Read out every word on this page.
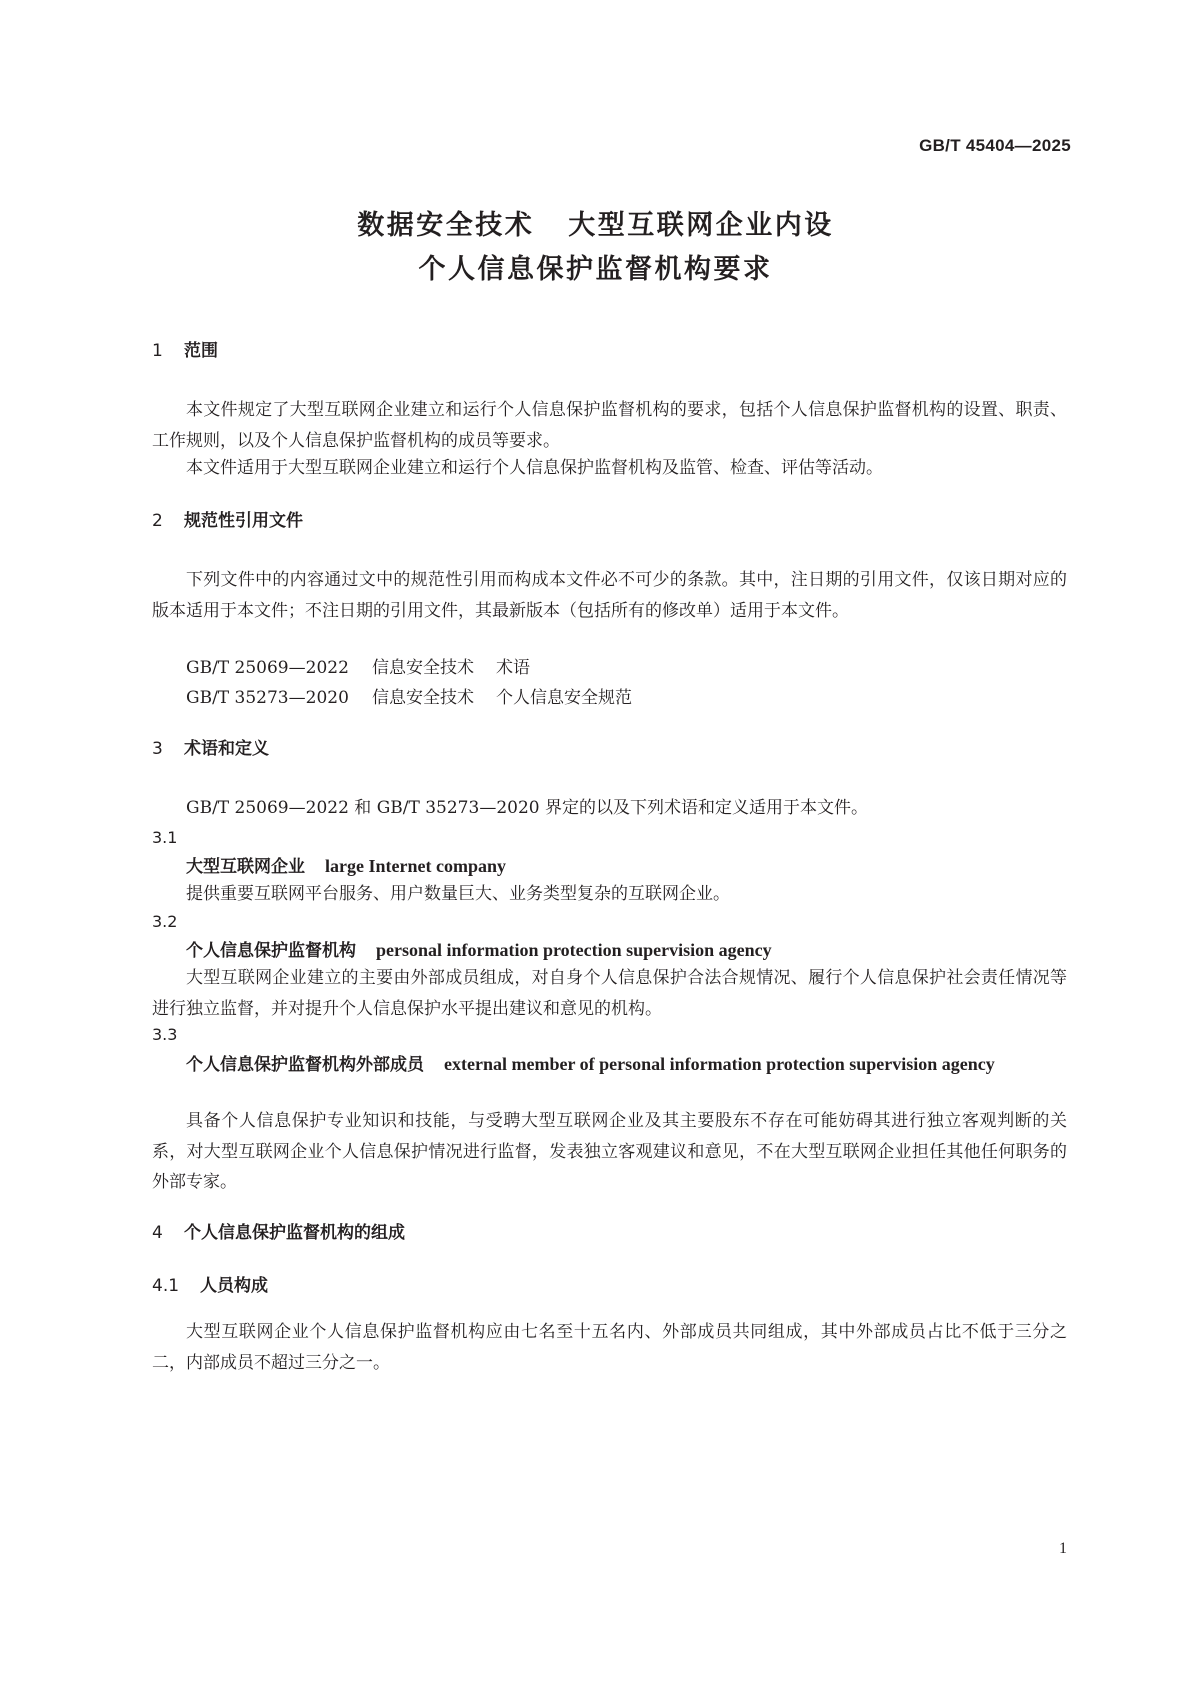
GB/T 45404—2025
数据安全技术 大型互联网企业内设
个人信息保护监督机构要求
1 范围
本文件规定了大型互联网企业建立和运行个人信息保护监督机构的要求，包括个人信息保护监督机构的设置、职责、工作规则，以及个人信息保护监督机构的成员等要求。
本文件适用于大型互联网企业建立和运行个人信息保护监督机构及监管、检查、评估等活动。
2 规范性引用文件
下列文件中的内容通过文中的规范性引用而构成本文件必不可少的条款。其中，注日期的引用文件，仅该日期对应的版本适用于本文件；不注日期的引用文件，其最新版本（包括所有的修改单）适用于本文件。
GB/T 25069—2022 信息安全技术 术语
GB/T 35273—2020 信息安全技术 个人信息安全规范
3 术语和定义
GB/T 25069—2022 和 GB/T 35273—2020 界定的以及下列术语和定义适用于本文件。
3.1
大型互联网企业 large Internet company
提供重要互联网平台服务、用户数量巨大、业务类型复杂的互联网企业。
3.2
个人信息保护监督机构 personal information protection supervision agency
大型互联网企业建立的主要由外部成员组成，对自身个人信息保护合法合规情况、履行个人信息保护社会责任情况等进行独立监督，并对提升个人信息保护水平提出建议和意见的机构。
3.3
个人信息保护监督机构外部成员 external member of personal information protection supervision agency
具备个人信息保护专业知识和技能，与受聘大型互联网企业及其主要股东不存在可能妨碍其进行独立客观判断的关系，对大型互联网企业个人信息保护情况进行监督，发表独立客观建议和意见，不在大型互联网企业担任其他任何职务的外部专家。
4 个人信息保护监督机构的组成
4.1 人员构成
大型互联网企业个人信息保护监督机构应由七名至十五名内、外部成员共同组成，其中外部成员占比不低于三分之二，内部成员不超过三分之一。
1
